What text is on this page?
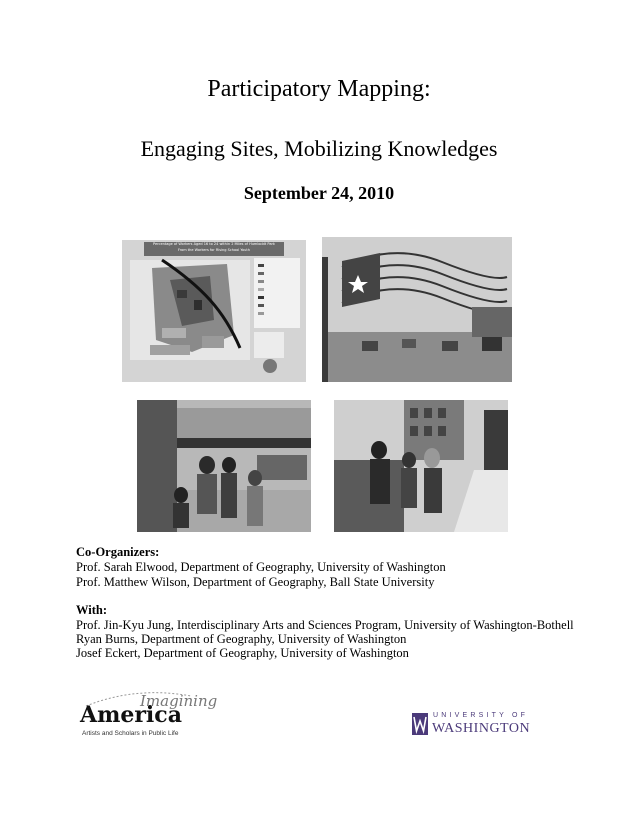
Participatory Mapping:
Engaging Sites, Mobilizing Knowledges
September 24, 2010
Percentage of Workers Aged 16 to 24 within 2 Miles of Humboldt Park
From the Workers for Rising School Youth
Co-Organizers:
Prof. Sarah Elwood, Department of Geography, University of Washington
Prof. Matthew Wilson, Department of Geography, Ball State University
With:
Prof. Jin-Kyu Jung, Interdisciplinary Arts and Sciences Program, University of Washington-Bothell
Ryan Burns, Department of Geography, University of Washington
Josef Eckert, Department of Geography, University of Washington
Imagining
America
Artists and Scholars in Public Life
UNIVERSITY OF
WASHINGTON
